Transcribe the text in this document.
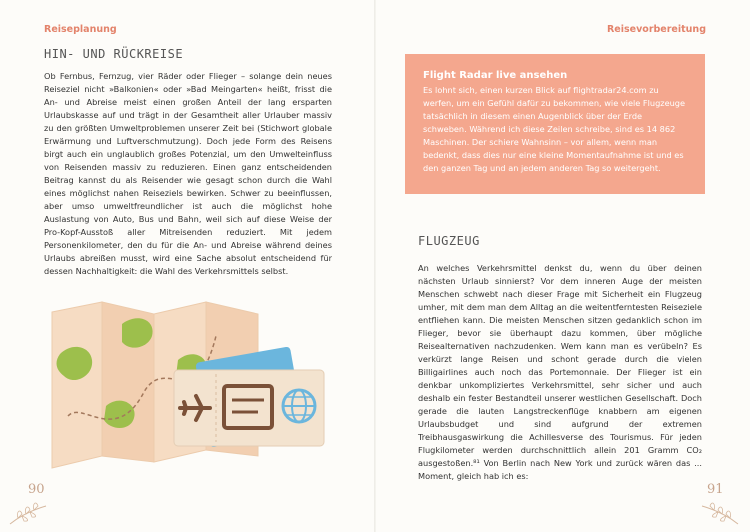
Reiseplanung
HIN- UND RÜCKREISE
Ob Fernbus, Fernzug, vier Räder oder Flieger – solange dein neues Reiseziel nicht »Balkonien« oder »Bad Meingarten« heißt, frisst die An- und Abreise meist einen großen Anteil der lang ersparten Urlaubskasse auf und trägt in der Gesamtheit aller Urlauber massiv zu den größten Umweltproblemen unserer Zeit bei (Stichwort globale Erwärmung und Luftverschmutzung). Doch jede Form des Reisens birgt auch ein unglaublich großes Potenzial, um den Umwelteinfluss von Reisenden massiv zu reduzieren. Einen ganz entscheidenden Beitrag kannst du als Reisender wie gesagt schon durch die Wahl eines möglichst nahen Reiseziels bewirken. Schwer zu beeinflussen, aber umso umweltfreundlicher ist auch die möglichst hohe Auslastung von Auto, Bus und Bahn, weil sich auf diese Weise der Pro-Kopf-Ausstoß aller Mitreisenden reduziert. Mit jedem Personenkilometer, den du für die An- und Abreise während deines Urlaubs abreißen musst, wird eine Sache absolut entscheidend für dessen Nachhaltigkeit: die Wahl des Verkehrsmittels selbst.
90
Reisevorbereitung
Flight Radar live ansehen
Es lohnt sich, einen kurzen Blick auf flightradar24.com zu werfen, um ein Gefühl dafür zu bekommen, wie viele Flugzeuge tatsächlich in diesem einen Augenblick über der Erde schweben. Während ich diese Zeilen schreibe, sind es 14 862 Maschinen. Der schiere Wahnsinn – vor allem, wenn man bedenkt, dass dies nur eine kleine Momentaufnahme ist und es den ganzen Tag und an jedem anderen Tag so weitergeht.
FLUGZEUG
An welches Verkehrsmittel denkst du, wenn du über deinen nächsten Urlaub sinnierst? Vor dem inneren Auge der meisten Menschen schwebt nach dieser Frage mit Sicherheit ein Flugzeug umher, mit dem man dem Alltag an die weitentferntesten Reiseziele entfliehen kann. Die meisten Menschen sitzen gedanklich schon im Flieger, bevor sie überhaupt dazu kommen, über mögliche Reisealternativen nachzudenken. Wem kann man es verübeln? Es verkürzt lange Reisen und schont gerade durch die vielen Billigairlines auch noch das Portemonnaie. Der Flieger ist ein denkbar unkompliziertes Verkehrsmittel, sehr sicher und auch deshalb ein fester Bestandteil unserer westlichen Gesellschaft. Doch gerade die lauten Langstreckenflüge knabbern am eigenen Urlaubsbudget und sind aufgrund der extremen Treibhausgaswirkung die Achillesverse des Tourismus. Für jeden Flugkilometer werden durchschnittlich allein 201 Gramm CO₂ ausgestoßen.⁸¹ Von Berlin nach New York und zurück wären das ... Moment, gleich hab ich es:
91
